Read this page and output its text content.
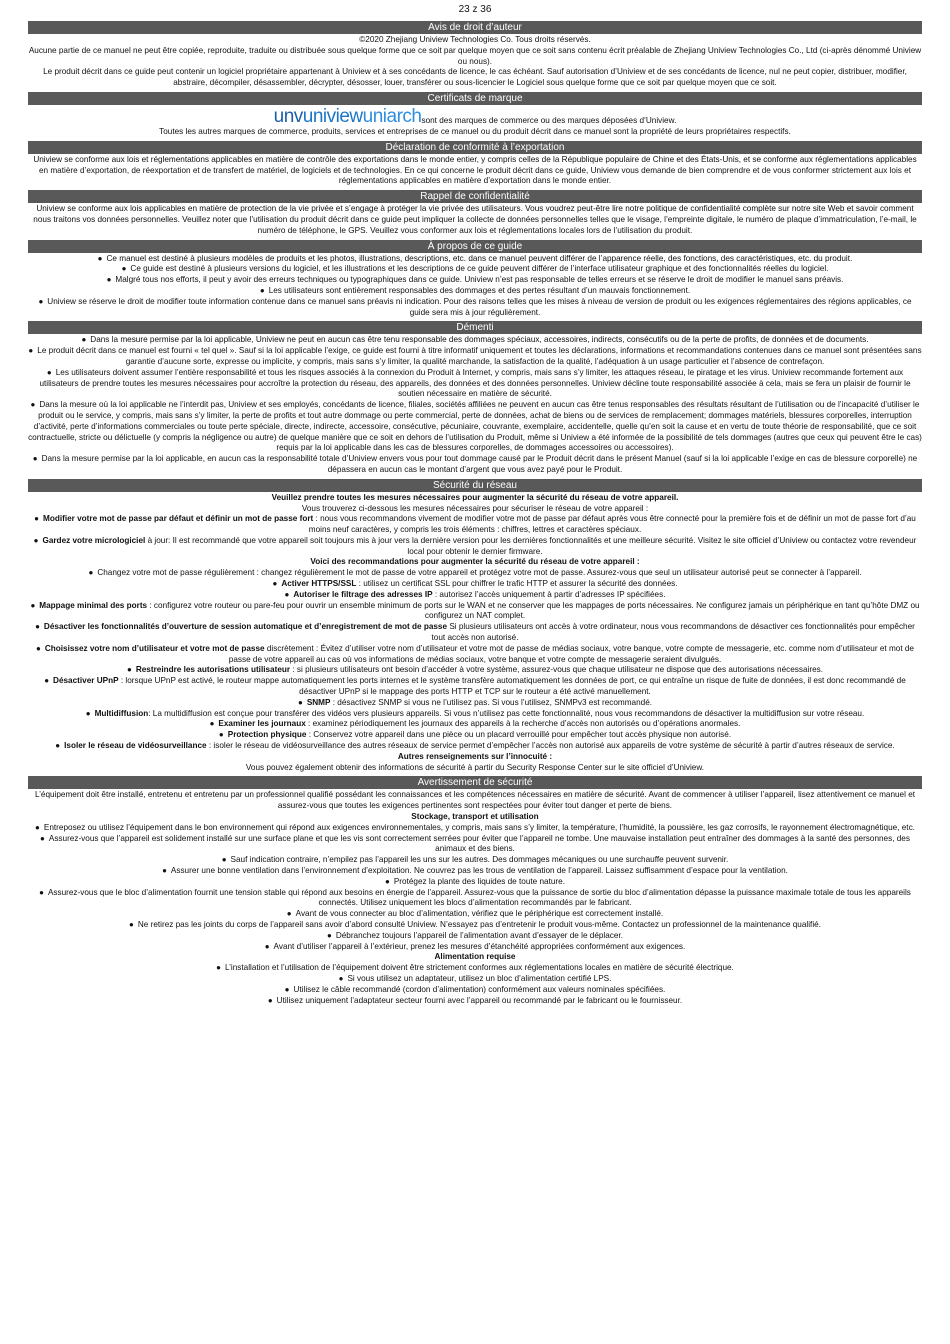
23 z 36
Avis de droit d’auteur

©2020 Zhejiang Uniview Technologies Co. Tous droits réservés.

Aucune partie de ce manuel ne peut être copiée, reproduite, traduite ou distribuée sous quelque forme que ce soit par quelque moyen que ce soit sans contenu écrit préalable de Zhejiang Uniview Technologies Co., Ltd (ci-après dénommé Uniview ou nous).

Le produit décrit dans ce guide peut contenir un logiciel propriétaire appartenant à Uniview et à ses concédants de licence, le cas échéant. Sauf autorisation d’Uniview et de ses concédants de licence, nul ne peut copier, distribuer, modifier, abstraire, décompiler, désassembler, décrypter, désosser, louer, transférer ou sous-licencier le Logiciel sous quelque forme que ce soit par quelque moyen que ce soit.

Certificats de marque
unv uniview uniarch sont des marques de commerce ou des marques déposées d’Uniview.

Toutes les autres marques de commerce, produits, services et entreprises de ce manuel ou du produit décrit dans ce manuel sont la propriété de leurs propriétaires respectifs.

Déclaration de conformité à l’exportation

Uniview se conforme aux lois et réglementations applicables en matière de contrôle des exportations dans le monde entier, y compris celles de la République populaire de Chine et des États-Unis, et se conforme aux réglementations applicables en matière d’exportation, de réexportation et de transfert de matériel, de logiciels et de technologies. En ce qui concerne le produit décrit dans ce guide, Uniview vous demande de bien comprendre et de vous conformer strictement aux lois et réglementations applicables en matière d’exportation dans le monde entier.

Rappel de confidentialité

Uniview se conforme aux lois applicables en matière de protection de la vie privée et s’engage à protéger la vie privée des utilisateurs. Vous voudrez peut-être lire notre politique de confidentialité complète sur notre site Web et savoir comment nous traitons vos données personnelles. Veuillez noter que l’utilisation du produit décrit dans ce guide peut impliquer la collecte de données personnelles telles que le visage, l’empreinte digitale, le numéro de plaque d’immatriculation, l’e-mail, le numéro de téléphone, le GPS. Veuillez vous conformer aux lois et réglementations locales lors de l’utilisation du produit.

À propos de ce guide

● Ce manuel est destiné à plusieurs modèles de produits et les photos, illustrations, descriptions, etc. dans ce manuel peuvent différer de l’apparence réelle, des fonctions, des caractéristiques, etc. du produit.

● Ce guide est destiné à plusieurs versions du logiciel, et les illustrations et les descriptions de ce guide peuvent différer de l’interface utilisateur graphique et des fonctionnalités réelles du logiciel.

● Malgré tous nos efforts, il peut y avoir des erreurs techniques ou typographiques dans ce guide. Uniview n’est pas responsable de telles erreurs et se réserve le droit de modifier le manuel sans préavis.

● Les utilisateurs sont entièrement responsables des dommages et des pertes résultant d’un mauvais fonctionnement.

● Uniview se réserve le droit de modifier toute information contenue dans ce manuel sans préavis ni indication. Pour des raisons telles que les mises à niveau de version de produit ou les exigences réglementaires des régions applicables, ce guide sera mis à jour régulièrement.

Démenti

● Dans la mesure permise par la loi applicable, Uniview ne peut en aucun cas être tenu responsable des dommages spéciaux, accessoires, indirects, consécutifs ou de la perte de profits, de données et de documents.

● Le produit décrit dans ce manuel est fourni « tel quel ». Sauf si la loi applicable l’exige, ce guide est fourni à titre informatif uniquement et toutes les déclarations, informations et recommandations contenues dans ce manuel sont présentées sans garantie d’aucune sorte, expresse ou implicite, y compris, mais sans s’y limiter, la qualité marchande, la satisfaction de la qualité, l’adéquation à un usage particulier et l’absence de contrefaçon.

● Les utilisateurs doivent assumer l’entière responsabilité et tous les risques associés à la connexion du Produit à Internet, y compris, mais sans s’y limiter, les attaques réseau, le piratage et les virus. Uniview recommande fortement aux utilisateurs de prendre toutes les mesures nécessaires pour accroître la protection du réseau, des appareils, des données et des données personnelles. Uniview décline toute responsabilité associée à cela, mais se fera un plaisir de fournir le soutien nécessaire en matière de sécurité.

● Dans la mesure où la loi applicable ne l’interdit pas, Uniview et ses employés, concédants de licence, filiales, sociétés affiliées ne peuvent en aucun cas être tenus responsables des résultats résultant de l’utilisation ou de l’incapacité d’utiliser le produit ou le service, y compris, mais sans s’y limiter, la perte de profits et tout autre dommage ou perte commercial, perte de données, achat de biens ou de services de remplacement; dommages matériels, blessures corporelles, interruption d’activité, perte d’informations commerciales ou toute perte spéciale, directe, indirecte, accessoire, consécutive, pécuniaire, couvrante, exemplaire, accidentelle, quelle qu’en soit la cause et en vertu de toute théorie de responsabilité, que ce soit contractuelle, stricte ou délictuelle (y compris la négligence ou autre) de quelque manière que ce soit en dehors de l’utilisation du Produit, même si Uniview a été informée de la possibilité de tels dommages (autres que ceux qui peuvent être le cas) requis par la loi applicable dans les cas de blessures corporelles, de dommages accessoires ou accessoires).

● Dans la mesure permise par la loi applicable, en aucun cas la responsabilité totale d’Uniview envers vous pour tout dommage causé par le Produit décrit dans le présent Manuel (sauf si la loi applicable l’exige en cas de blessure corporelle) ne dépassera en aucun cas le montant d’argent que vous avez payé pour le Produit.

Sécurité du réseau

Veuillez prendre toutes les mesures nécessaires pour augmenter la sécurité du réseau de votre appareil.

Vous trouverez ci-dessous les mesures nécessaires pour sécuriser le réseau de votre appareil :

● Modifier votre mot de passe par défaut et définir un mot de passe fort : nous vous recommandons vivement de modifier votre mot de passe par défaut après vous être connecté pour la première fois et de définir un mot de passe fort d’au moins neuf caractères, y compris les trois éléments : chiffres, lettres et caractères spéciaux.

● Gardez votre micrologiciel à jour: Il est recommandé que votre appareil soit toujours mis à jour vers la dernière version pour les dernières fonctionnalités et une meilleure sécurité. Visitez le site officiel d’Uniview ou contactez votre revendeur local pour obtenir le dernier firmware.

Voici des recommandations pour augmenter la sécurité du réseau de votre appareil :

● Changez votre mot de passe régulièrement : changez régulièrement le mot de passe de votre appareil et protégez votre mot de passe. Assurez-vous que seul un utilisateur autorisé peut se connecter à l’appareil.

● Activer HTTPS/SSL : utilisez un certificat SSL pour chiffrer le trafic HTTP et assurer la sécurité des données.

● Autoriser le filtrage des adresses IP : autorisez l’accès uniquement à partir d’adresses IP spécifiées.

● Mappage minimal des ports : configurez votre routeur ou pare-feu pour ouvrir un ensemble minimum de ports sur le WAN et ne conserver que les mappages de ports nécessaires. Ne configurez jamais un périphérique en tant qu’hôte DMZ ou configurez un NAT complet.

● Désactiver les fonctionnalités d’ouverture de session automatique et d’enregistrement de mot de passe Si plusieurs utilisateurs ont accès à votre ordinateur, nous vous recommandons de désactiver ces fonctionnalités pour empêcher tout accès non autorisé.

● Choisissez votre nom d’utilisateur et votre mot de passe discrètement : Évitez d’utiliser votre nom d’utilisateur et votre mot de passe de médias sociaux, votre banque, votre compte de messagerie, etc. comme nom d’utilisateur et mot de passe de votre appareil au cas où vos informations de médias sociaux, votre banque et votre compte de messagerie seraient divulgués.

● Restreindre les autorisations utilisateur : si plusieurs utilisateurs ont besoin d’accéder à votre système, assurez-vous que chaque utilisateur ne dispose que des autorisations nécessaires.

● Désactiver UPnP : lorsque UPnP est activé, le routeur mappe automatiquement les ports internes et le système transfère automatiquement les données de port, ce qui entraîne un risque de fuite de données, il est donc recommandé de désactiver UPnP si le mappage des ports HTTP et TCP sur le routeur a été activé manuellement.

● SNMP : désactivez SNMP si vous ne l’utilisez pas. Si vous l’utilisez, SNMPv3 est recommandé.

● Multidiffusion: La multidiffusion est conçue pour transférer des vidéos vers plusieurs appareils. Si vous n’utilisez pas cette fonctionnalité, nous vous recommandons de désactiver la multidiffusion sur votre réseau.

● Examiner les journaux : examinez périodiquement les journaux des appareils à la recherche d’accès non autorisés ou d’opérations anormales.

● Protection physique : Conservez votre appareil dans une pièce ou un placard verrouillé pour empêcher tout accès physique non autorisé.

● Isoler le réseau de vidéosurveillance : isoler le réseau de vidéosurveillance des autres réseaux de service permet d’empêcher l’accès non autorisé aux appareils de votre système de sécurité à partir d’autres réseaux de service.

Autres renseignements sur l’innocuité :

Vous pouvez également obtenir des informations de sécurité à partir du Security Response Center sur le site officiel d’Uniview.

Avertissement de sécurité

L’équipement doit être installé, entretenu et entretenu par un professionnel qualifié possédant les connaissances et les compétences nécessaires en matière de sécurité. Avant de commencer à utiliser l’appareil, lisez attentivement ce manuel et assurez-vous que toutes les exigences pertinentes sont respectées pour éviter tout danger et perte de biens.

Stockage, transport et utilisation

● Entreposez ou utilisez l’équipement dans le bon environnement qui répond aux exigences environnementales, y compris, mais sans s’y limiter, la température, l’humidité, la poussière, les gaz corrosifs, le rayonnement électromagnétique, etc.

● Assurez-vous que l’appareil est solidement installé sur une surface plane et que les vis sont correctement serrées pour éviter que l’appareil ne tombe. Une mauvaise installation peut entraîner des dommages à la santé des personnes, des animaux et des biens.

● Sauf indication contraire, n’empilez pas l’appareil les uns sur les autres. Des dommages mécaniques ou une surchauffe peuvent survenir.

● Assurer une bonne ventilation dans l’environnement d’exploitation. Ne couvrez pas les trous de ventilation de l’appareil. Laissez suffisamment d’espace pour la ventilation.

● Protégez la plante des liquides de toute nature.

● Assurez-vous que le bloc d’alimentation fournit une tension stable qui répond aux besoins en énergie de l’appareil. Assurez-vous que la puissance de sortie du bloc d’alimentation dépasse la puissance maximale totale de tous les appareils connectés. Utilisez uniquement les blocs d’alimentation recommandés par le fabricant.

● Avant de vous connecter au bloc d’alimentation, vérifiez que le périphérique est correctement installé.

● Ne retirez pas les joints du corps de l’appareil sans avoir d’abord consulté Uniview. N’essayez pas d’entretenir le produit vous-même. Contactez un professionnel de la maintenance qualifié.

● Débranchez toujours l’appareil de l’alimentation avant d’essayer de le déplacer.

● Avant d’utiliser l’appareil à l’extérieur, prenez les mesures d’étanchéité appropriées conformément aux exigences.

Alimentation requise

● L’installation et l’utilisation de l’équipement doivent être strictement conformes aux réglementations locales en matière de sécurité électrique.

● Si vous utilisez un adaptateur, utilisez un bloc d’alimentation certifié LPS.

● Utilisez le câble recommandé (cordon d’alimentation) conformément aux valeurs nominales spécifiées.

● Utilisez uniquement l’adaptateur secteur fourni avec l’appareil ou recommandé par le fabricant ou le fournisseur.
